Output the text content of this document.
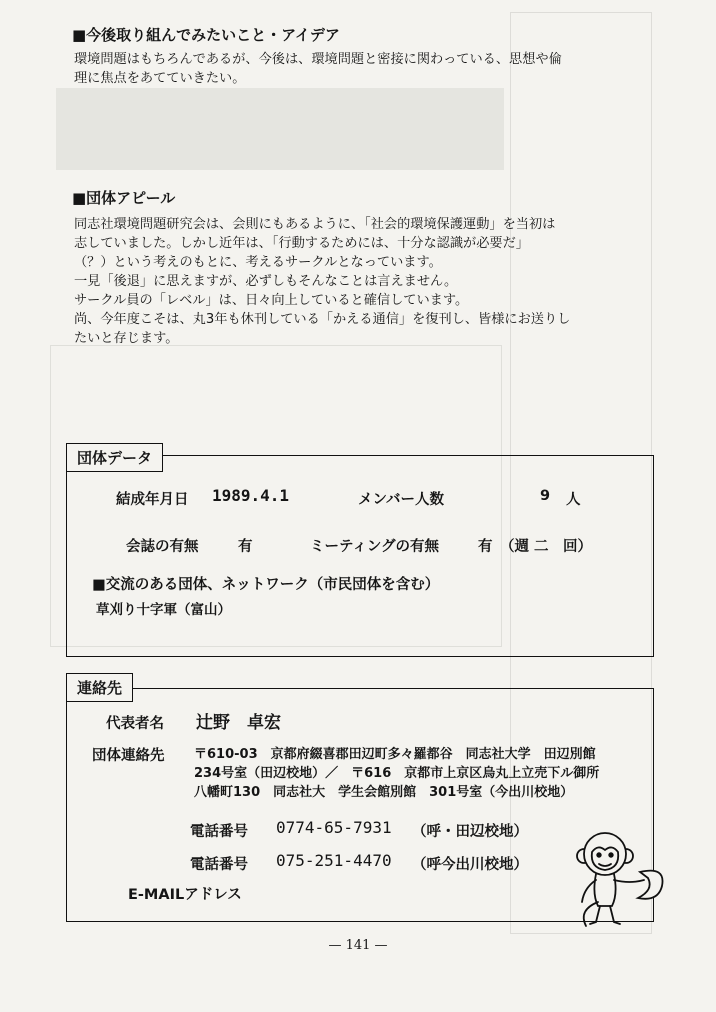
■今後取り組んでみたいこと・アイデア
環境問題はもちろんであるが、今後は、環境問題と密接に関わっている、思想や倫
理に焦点をあてていきたい。
■団体アピール
同志社環境問題研究会は、会則にもあるように、「社会的環境保護運動」を当初は
志していました。しかし近年は、「行動するためには、十分な認識が必要だ」
（？）という考えのもとに、考えるサークルとなっています。
一見「後退」に思えますが、必ずしもそんなことは言えません。
サークル員の「レベル」は、日々向上していると確信しています。
尚、今年度こそは、丸3年も休刊している「かえる通信」を復刊し、皆様にお送りし
たいと存じます。
団体データ
結成年月日 1989.4.1	メンバー人数	9 人
会誌の有無	有	ミーティングの有無	有 （週 二　回）
■交流のある団体、ネットワーク（市民団体を含む）
草刈り十字軍（富山）
連絡先
代表者名 辻野　卓宏
団体連絡先 〒610-03　京都府綴喜郡田辺町多々羅都谷　同志社大学　田辺別館
234号室（田辺校地）／　〒616　京都市上京区烏丸上立売下ル御所
八幡町130　同志社大　学生会館別館　301号室（今出川校地）
電話番号 0774-65-7931 （呼・田辺校地）
電話番号 075-251-4470 （呼今出川校地）
E-MAILアドレス
— 141 —
